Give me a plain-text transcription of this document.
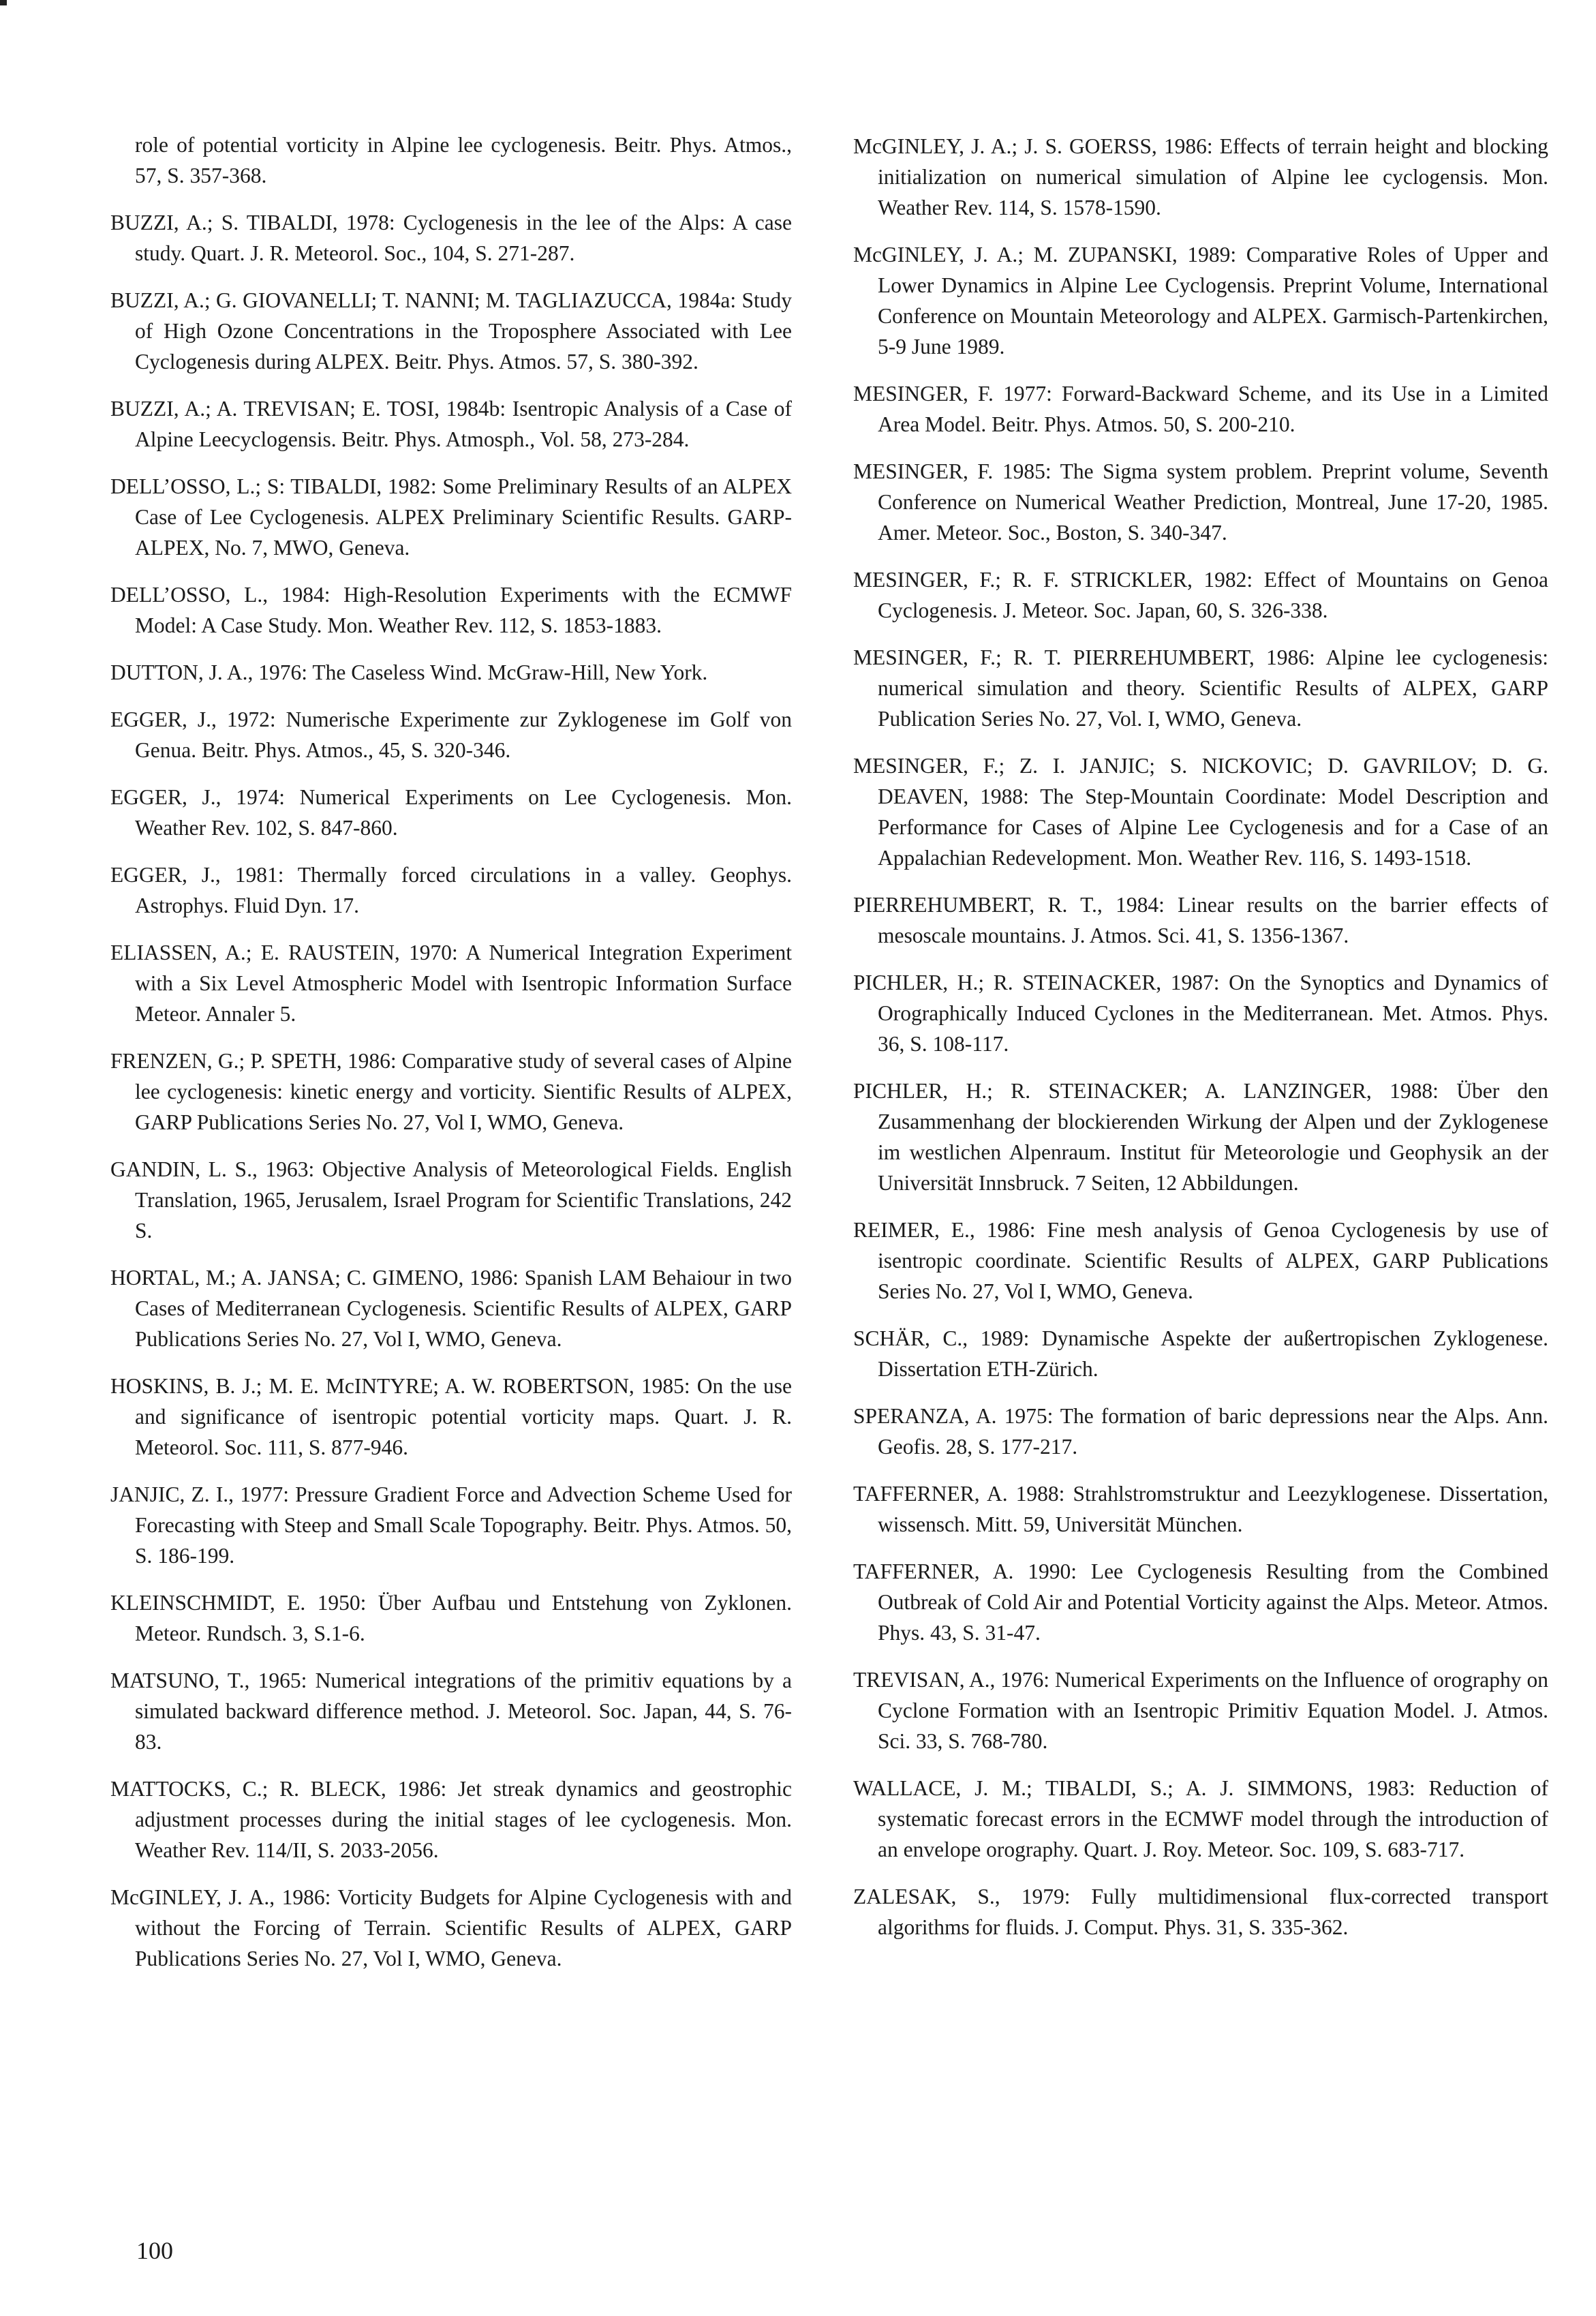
role of potential vorticity in Alpine lee cyclogenesis. Beitr. Phys. Atmos., 57, S. 357-368.

BUZZI, A.; S. TIBALDI, 1978: Cyclogenesis in the lee of the Alps: A case study. Quart. J. R. Meteorol. Soc., 104, S. 271-287.

BUZZI, A.; G. GIOVANELLI; T. NANNI; M. TAGLIAZUCCA, 1984a: Study of High Ozone Concentrations in the Troposphere Associated with Lee Cyclogenesis during ALPEX. Beitr. Phys. Atmos. 57, S. 380-392.

BUZZI, A.; A. TREVISAN; E. TOSI, 1984b: Isentropic Analysis of a Case of Alpine Leecyclogensis. Beitr. Phys. Atmosph., Vol. 58, 273-284.

DELL’OSSO, L.; S: TIBALDI, 1982: Some Preliminary Results of an ALPEX Case of Lee Cyclogenesis. ALPEX Preliminary Scientific Results. GARP-ALPEX, No. 7, MWO, Geneva.

DELL’OSSO, L., 1984: High-Resolution Experiments with the ECMWF Model: A Case Study. Mon. Weather Rev. 112, S. 1853-1883.

DUTTON, J. A., 1976: The Caseless Wind. McGraw-Hill, New York.

EGGER, J., 1972: Numerische Experimente zur Zyklogenese im Golf von Genua. Beitr. Phys. Atmos., 45, S. 320-346.

EGGER, J., 1974: Numerical Experiments on Lee Cyclogenesis. Mon. Weather Rev. 102, S. 847-860.

EGGER, J., 1981: Thermally forced circulations in a valley. Geophys. Astrophys. Fluid Dyn. 17.

ELIASSEN, A.; E. RAUSTEIN, 1970: A Numerical Integration Experiment with a Six Level Atmospheric Model with Isentropic Information Surface Meteor. Annaler 5.

FRENZEN, G.; P. SPETH, 1986: Comparative study of several cases of Alpine lee cyclogenesis: kinetic energy and vorticity. Sientific Results of ALPEX, GARP Publications Series No. 27, Vol I, WMO, Geneva.

GANDIN, L. S., 1963: Objective Analysis of Meteorological Fields. English Translation, 1965, Jerusalem, Israel Program for Scientific Translations, 242 S.

HORTAL, M.; A. JANSA; C. GIMENO, 1986: Spanish LAM Behaiour in two Cases of Mediterranean Cyclogenesis. Scientific Results of ALPEX, GARP Publications Series No. 27, Vol I, WMO, Geneva.

HOSKINS, B. J.; M. E. McINTYRE; A. W. ROBERTSON, 1985: On the use and significance of isentropic potential vorticity maps. Quart. J. R. Meteorol. Soc. 111, S. 877-946.

JANJIC, Z. I., 1977: Pressure Gradient Force and Advection Scheme Used for Forecasting with Steep and Small Scale Topography. Beitr. Phys. Atmos. 50, S. 186-199.

KLEINSCHMIDT, E. 1950: Über Aufbau und Entstehung von Zyklonen. Meteor. Rundsch. 3, S.1-6.

MATSUNO, T., 1965: Numerical integrations of the primitiv equations by a simulated backward difference method. J. Meteorol. Soc. Japan, 44, S. 76-83.

MATTOCKS, C.; R. BLECK, 1986: Jet streak dynamics and geostrophic adjustment processes during the initial stages of lee cyclogenesis. Mon. Weather Rev. 114/II, S. 2033-2056.

McGINLEY, J. A., 1986: Vorticity Budgets for Alpine Cyclogenesis with and without the Forcing of Terrain. Scientific Results of ALPEX, GARP Publications Series No. 27, Vol I, WMO, Geneva.

McGINLEY, J. A.; J. S. GOERSS, 1986: Effects of terrain height and blocking initialization on numerical simulation of Alpine lee cyclogensis. Mon. Weather Rev. 114, S. 1578-1590.

McGINLEY, J. A.; M. ZUPANSKI, 1989: Comparative Roles of Upper and Lower Dynamics in Alpine Lee Cyclogensis. Preprint Volume, International Conference on Mountain Meteorology and ALPEX. Garmisch-Partenkirchen, 5-9 June 1989.

MESINGER, F. 1977: Forward-Backward Scheme, and its Use in a Limited Area Model. Beitr. Phys. Atmos. 50, S. 200-210.

MESINGER, F. 1985: The Sigma system problem. Preprint volume, Seventh Conference on Numerical Weather Prediction, Montreal, June 17-20, 1985. Amer. Meteor. Soc., Boston, S. 340-347.

MESINGER, F.; R. F. STRICKLER, 1982: Effect of Mountains on Genoa Cyclogenesis. J. Meteor. Soc. Japan, 60, S. 326-338.

MESINGER, F.; R. T. PIERREHUMBERT, 1986: Alpine lee cyclogenesis: numerical simulation and theory. Scientific Results of ALPEX, GARP Publication Series No. 27, Vol. I, WMO, Geneva.

MESINGER, F.; Z. I. JANJIC; S. NICKOVIC; D. GAVRILOV; D. G. DEAVEN, 1988: The Step-Mountain Coordinate: Model Description and Performance for Cases of Alpine Lee Cyclogenesis and for a Case of an Appalachian Redevelopment. Mon. Weather Rev. 116, S. 1493-1518.

PIERREHUMBERT, R. T., 1984: Linear results on the barrier effects of mesoscale mountains. J. Atmos. Sci. 41, S. 1356-1367.

PICHLER, H.; R. STEINACKER, 1987: On the Synoptics and Dynamics of Orographically Induced Cyclones in the Mediterranean. Met. Atmos. Phys. 36, S. 108-117.

PICHLER, H.; R. STEINACKER; A. LANZINGER, 1988: Über den Zusammenhang der blockierenden Wirkung der Alpen und der Zyklogenese im westlichen Alpenraum. Institut für Meteorologie und Geophysik an der Universität Innsbruck. 7 Seiten, 12 Abbildungen.

REIMER, E., 1986: Fine mesh analysis of Genoa Cyclogenesis by use of isentropic coordinate. Scientific Results of ALPEX, GARP Publications Series No. 27, Vol I, WMO, Geneva.

SCHÄR, C., 1989: Dynamische Aspekte der außertropischen Zyklogenese. Dissertation ETH-Zürich.

SPERANZA, A. 1975: The formation of baric depressions near the Alps. Ann. Geofis. 28, S. 177-217.

TAFFERNER, A. 1988: Strahlstromstruktur and Leezyklogenese. Dissertation, wissensch. Mitt. 59, Universität München.

TAFFERNER, A. 1990: Lee Cyclogenesis Resulting from the Combined Outbreak of Cold Air and Potential Vorticity against the Alps. Meteor. Atmos. Phys. 43, S. 31-47.

TREVISAN, A., 1976: Numerical Experiments on the Influence of orography on Cyclone Formation with an Isentropic Primitiv Equation Model. J. Atmos. Sci. 33, S. 768-780.

WALLACE, J. M.; TIBALDI, S.; A. J. SIMMONS, 1983: Reduction of systematic forecast errors in the ECMWF model through the introduction of an envelope orography. Quart. J. Roy. Meteor. Soc. 109, S. 683-717.

ZALESAK, S., 1979: Fully multidimensional flux-corrected transport algorithms for fluids. J. Comput. Phys. 31, S. 335-362.

100
